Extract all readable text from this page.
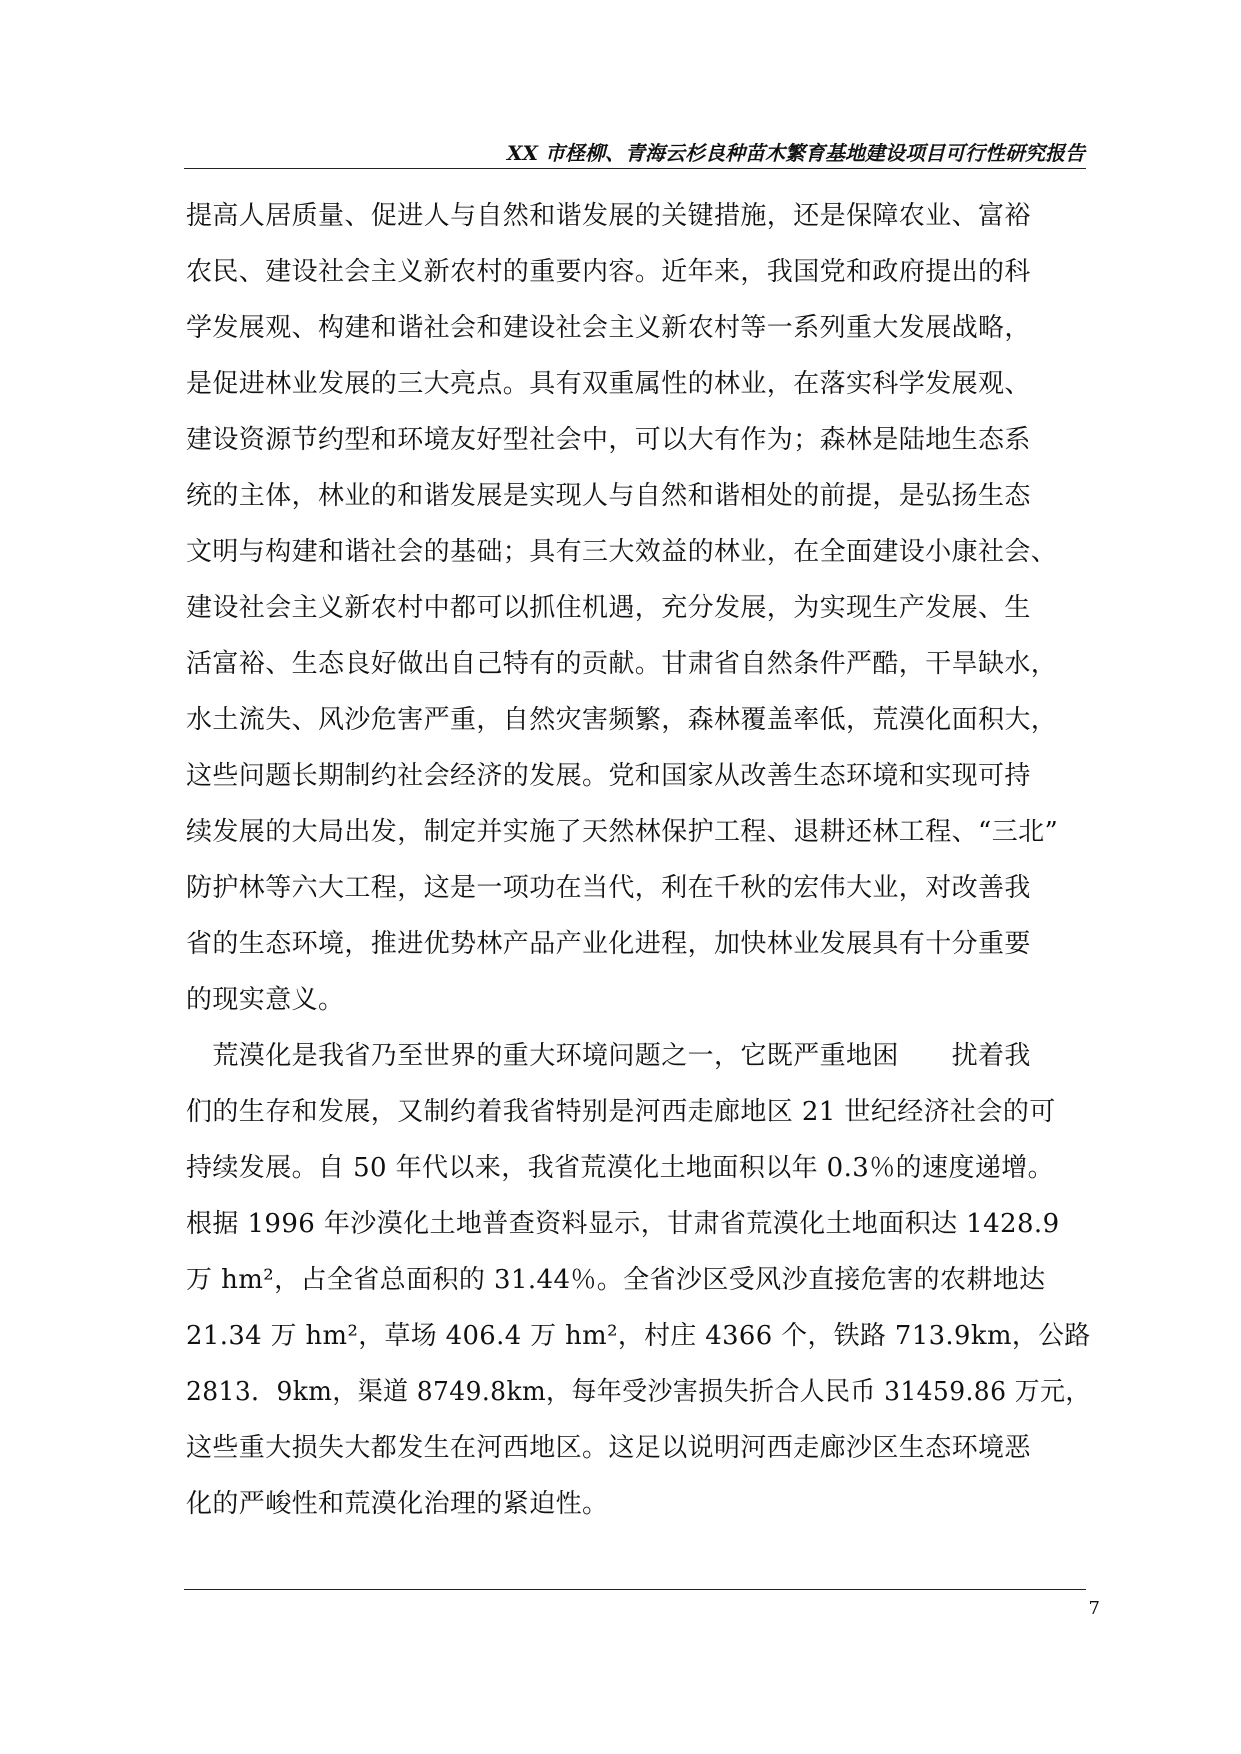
XX 市柽柳、青海云杉良种苗木繁育基地建设项目可行性研究报告
提高人居质量、促进人与自然和谐发展的关键措施，还是保障农业、富裕
农民、建设社会主义新农村的重要内容。近年来，我国党和政府提出的科
学发展观、构建和谐社会和建设社会主义新农村等一系列重大发展战略，
是促进林业发展的三大亮点。具有双重属性的林业，在落实科学发展观、
建设资源节约型和环境友好型社会中，可以大有作为；森林是陆地生态系
统的主体，林业的和谐发展是实现人与自然和谐相处的前提，是弘扬生态
文明与构建和谐社会的基础；具有三大效益的林业，在全面建设小康社会、
建设社会主义新农村中都可以抓住机遇，充分发展，为实现生产发展、生
活富裕、生态良好做出自己特有的贡献。甘肃省自然条件严酷，干旱缺水，
水土流失、风沙危害严重，自然灾害频繁，森林覆盖率低，荒漠化面积大，
这些问题长期制约社会经济的发展。党和国家从改善生态环境和实现可持
续发展的大局出发，制定并实施了天然林保护工程、退耕还林工程、“三北”
防护林等六大工程，这是一项功在当代，利在千秋的宏伟大业，对改善我
省的生态环境，推进优势林产品产业化进程，加快林业发展具有十分重要
的现实意义。
　荒漠化是我省乃至世界的重大环境问题之一，它既严重地困　　扰着我
们的生存和发展，又制约着我省特别是河西走廊地区 21 世纪经济社会的可
持续发展。自 50 年代以来，我省荒漠化土地面积以年 0.3％的速度递增。
根据 1996 年沙漠化土地普查资料显示，甘肃省荒漠化土地面积达 1428.9
万 hm²，占全省总面积的 31.44％。全省沙区受风沙直接危害的农耕地达
21.34 万 hm²，草场 406.4 万 hm²，村庄 4366 个，铁路 713.9km，公路
2813．9km，渠道 8749.8km，每年受沙害损失折合人民币 31459.86 万元，
这些重大损失大都发生在河西地区。这足以说明河西走廊沙区生态环境恶
化的严峻性和荒漠化治理的紧迫性。
7
